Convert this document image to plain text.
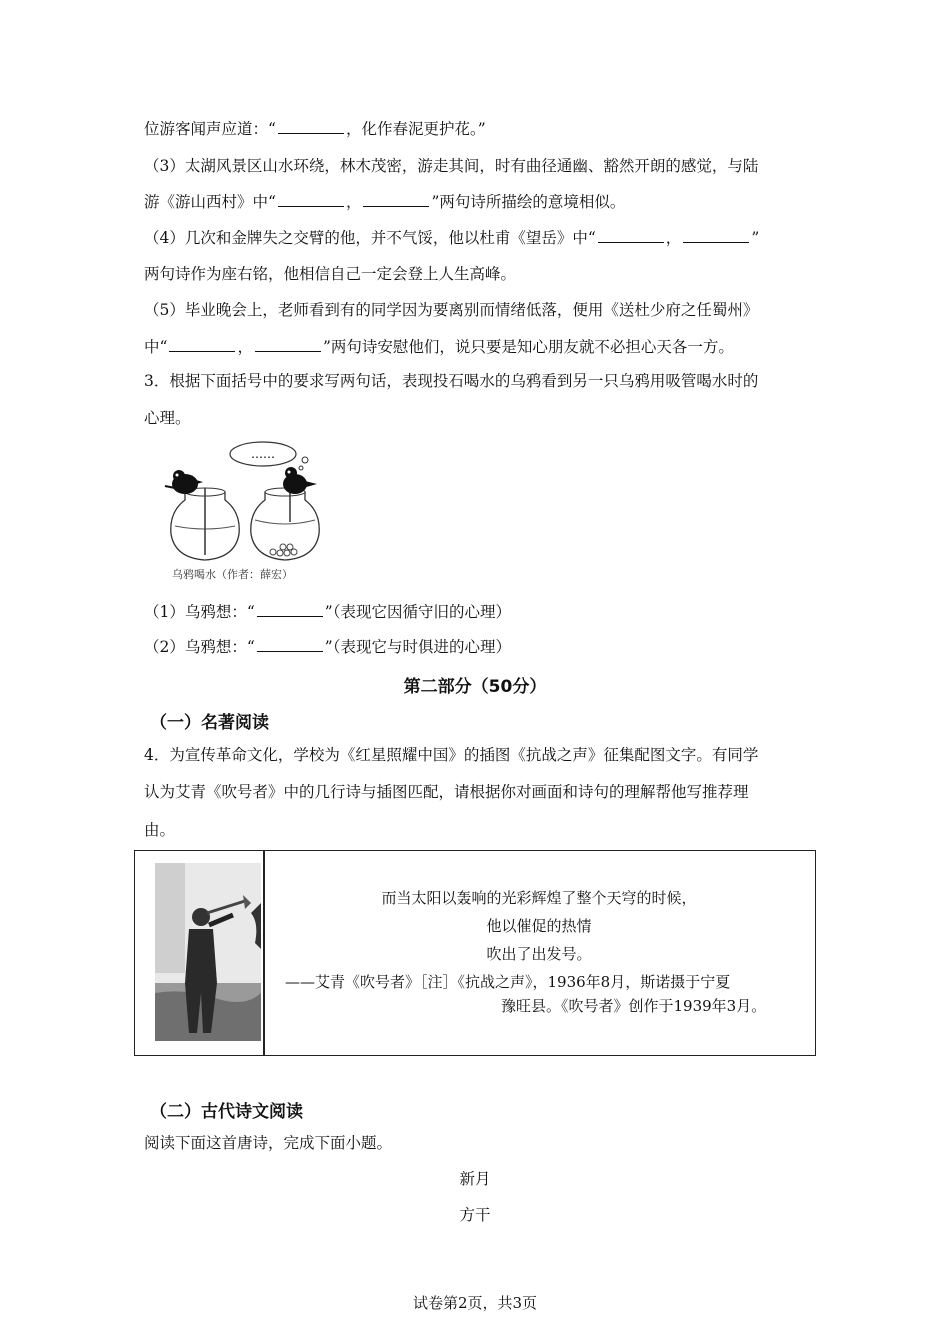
位游客闻声应道：“	，化作春泥更护花。”
（3）太湖风景区山水环绕，林木茂密，游走其间，时有曲径通幽、豁然开朗的感觉，与陆
游《游山西村》中“	，	”两句诗所描绘的意境相似。
（4）几次和金牌失之交臂的他，并不气馁，他以杜甫《望岳》中“	，	”
两句诗作为座右铭，他相信自己一定会登上人生高峰。
（5）毕业晚会上，老师看到有的同学因为要离别而情绪低落，便用《送杜少府之任蜀州》
中“	，	”两句诗安慰他们，说只要是知心朋友就不必担心天各一方。
3．根据下面括号中的要求写两句话，表现投石喝水的乌鸦看到另一只乌鸦用吸管喝水时的
心理。
……
乌鸦喝水（作者：薛宏）
（1）乌鸦想：“	”（表现它因循守旧的心理）
（2）乌鸦想：“	”（表现它与时俱进的心理）
第二部分（50分）
（一）名著阅读
4．为宣传革命文化，学校为《红星照耀中国》的插图《抗战之声》征集配图文字。有同学
认为艾青《吹号者》中的几行诗与插图匹配，请根据你对画面和诗句的理解帮他写推荐理
由。
而当太阳以轰响的光彩辉煌了整个天穹的时候，
他以催促的热情
吹出了出发号。
——艾青《吹号者》［注］《抗战之声》，1936年8月，斯诺摄于宁夏
豫旺县。《吹号者》创作于1939年3月。
（二）古代诗文阅读
阅读下面这首唐诗，完成下面小题。
新月
方干
试卷第2页，共3页
